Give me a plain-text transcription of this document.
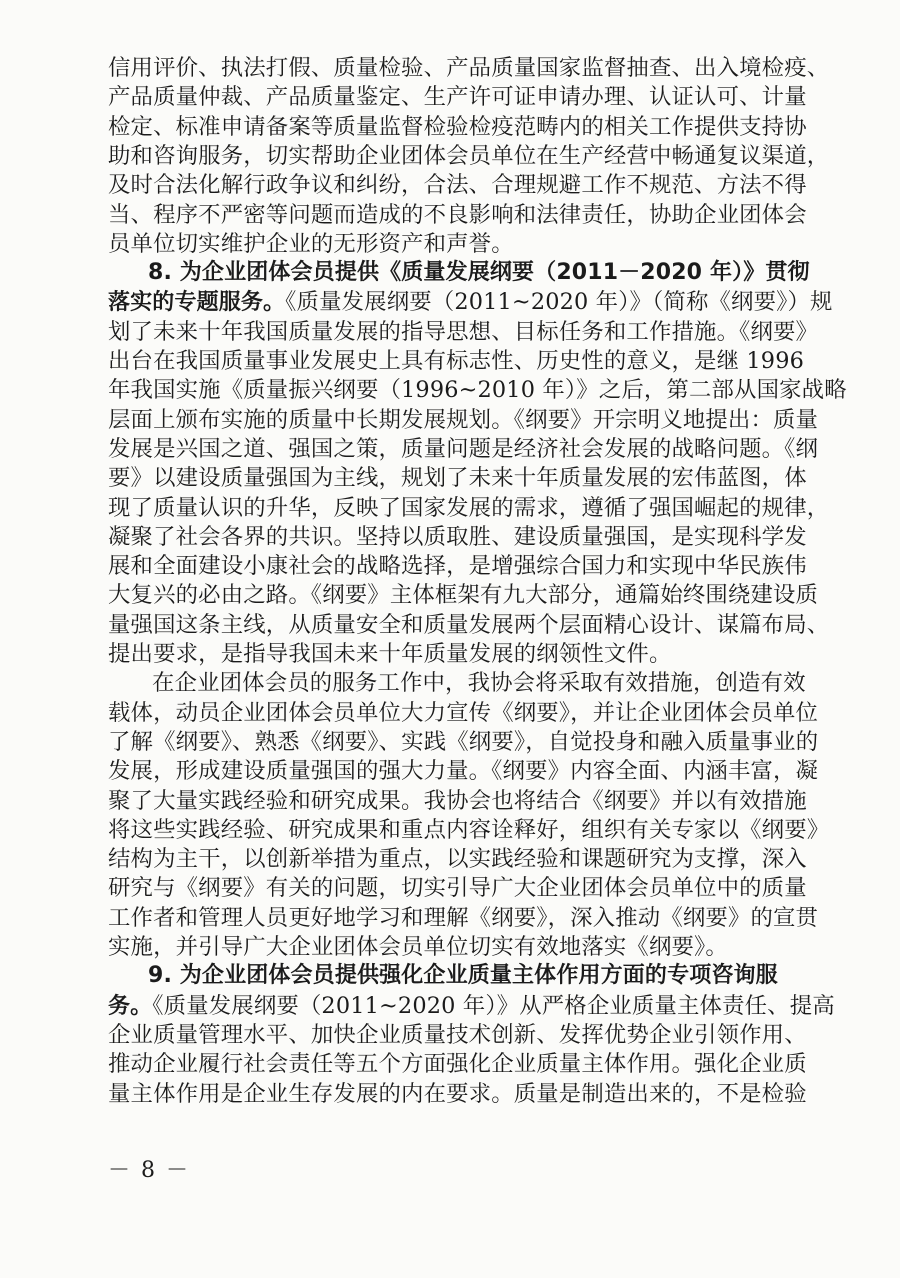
信用评价、执法打假、质量检验、产品质量国家监督抽查、出入境检疫、
产品质量仲裁、产品质量鉴定、生产许可证申请办理、认证认可、计量
检定、标准申请备案等质量监督检验检疫范畴内的相关工作提供支持协
助和咨询服务，切实帮助企业团体会员单位在生产经营中畅通复议渠道，
及时合法化解行政争议和纠纷，合法、合理规避工作不规范、方法不得
当、程序不严密等问题而造成的不良影响和法律责任，协助企业团体会
员单位切实维护企业的无形资产和声誉。
8. 为企业团体会员提供《质量发展纲要（2011－2020 年）》贯彻
落实的专题服务。《质量发展纲要（2011~2020 年）》（简称《纲要》）规
划了未来十年我国质量发展的指导思想、目标任务和工作措施。《纲要》
出台在我国质量事业发展史上具有标志性、历史性的意义，是继 1996
年我国实施《质量振兴纲要（1996~2010 年）》之后，第二部从国家战略
层面上颁布实施的质量中长期发展规划。《纲要》开宗明义地提出：质量
发展是兴国之道、强国之策，质量问题是经济社会发展的战略问题。《纲
要》以建设质量强国为主线，规划了未来十年质量发展的宏伟蓝图，体
现了质量认识的升华，反映了国家发展的需求，遵循了强国崛起的规律，
凝聚了社会各界的共识。坚持以质取胜、建设质量强国，是实现科学发
展和全面建设小康社会的战略选择，是增强综合国力和实现中华民族伟
大复兴的必由之路。《纲要》主体框架有九大部分，通篇始终围绕建设质
量强国这条主线，从质量安全和质量发展两个层面精心设计、谋篇布局、
提出要求，是指导我国未来十年质量发展的纲领性文件。
在企业团体会员的服务工作中，我协会将采取有效措施，创造有效
载体，动员企业团体会员单位大力宣传《纲要》，并让企业团体会员单位
了解《纲要》、熟悉《纲要》、实践《纲要》，自觉投身和融入质量事业的
发展，形成建设质量强国的强大力量。《纲要》内容全面、内涵丰富，凝
聚了大量实践经验和研究成果。我协会也将结合《纲要》并以有效措施
将这些实践经验、研究成果和重点内容诠释好，组织有关专家以《纲要》
结构为主干，以创新举措为重点，以实践经验和课题研究为支撑，深入
研究与《纲要》有关的问题，切实引导广大企业团体会员单位中的质量
工作者和管理人员更好地学习和理解《纲要》，深入推动《纲要》的宣贯
实施，并引导广大企业团体会员单位切实有效地落实《纲要》。
9. 为企业团体会员提供强化企业质量主体作用方面的专项咨询服
务。《质量发展纲要（2011~2020 年）》从严格企业质量主体责任、提高
企业质量管理水平、加快企业质量技术创新、发挥优势企业引领作用、
推动企业履行社会责任等五个方面强化企业质量主体作用。强化企业质
量主体作用是企业生存发展的内在要求。质量是制造出来的，不是检验
－ 8 －
